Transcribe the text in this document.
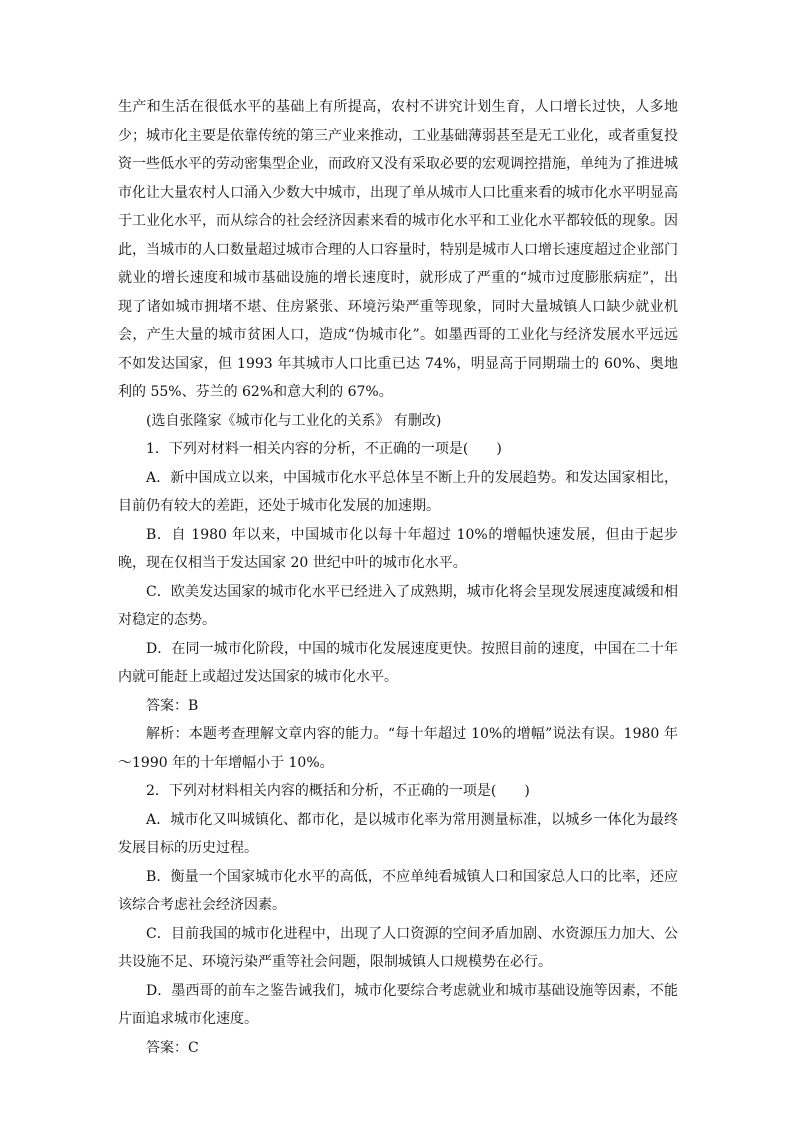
生产和生活在很低水平的基础上有所提高，农村不讲究计划生育，人口增长过快，人多地少；城市化主要是依靠传统的第三产业来推动，工业基础薄弱甚至是无工业化，或者重复投资一些低水平的劳动密集型企业，而政府又没有采取必要的宏观调控措施，单纯为了推进城市化让大量农村人口涌入少数大中城市，出现了单从城市人口比重来看的城市化水平明显高于工业化水平，而从综合的社会经济因素来看的城市化水平和工业化水平都较低的现象。因此，当城市的人口数量超过城市合理的人口容量时，特别是城市人口增长速度超过企业部门就业的增长速度和城市基础设施的增长速度时，就形成了严重的“城市过度膨胀病症”，出现了诸如城市拥堵不堪、住房紧张、环境污染严重等现象，同时大量城镇人口缺少就业机会，产生大量的城市贫困人口，造成“伪城市化”。如墨西哥的工业化与经济发展水平远远不如发达国家，但 1993 年其城市人口比重已达 74%，明显高于同期瑞士的 60%、奥地利的 55%、芬兰的 62%和意大利的 67%。

(选自张隆家《城市化与工业化的关系》 有删改)

1．下列对材料一相关内容的分析，不正确的一项是(　　)

A．新中国成立以来，中国城市化水平总体呈不断上升的发展趋势。和发达国家相比，目前仍有较大的差距，还处于城市化发展的加速期。

B．自 1980 年以来，中国城市化以每十年超过 10%的增幅快速发展，但由于起步晚，现在仅相当于发达国家 20 世纪中叶的城市化水平。

C．欧美发达国家的城市化水平已经进入了成熟期，城市化将会呈现发展速度减缓和相对稳定的态势。

D．在同一城市化阶段，中国的城市化发展速度更快。按照目前的速度，中国在二十年内就可能赶上或超过发达国家的城市化水平。

答案：B

解析：本题考查理解文章内容的能力。“每十年超过 10%的增幅”说法有误。1980 年～1990 年的十年增幅小于 10%。

2．下列对材料相关内容的概括和分析，不正确的一项是(　　)

A．城市化又叫城镇化、都市化，是以城市化率为常用测量标准，以城乡一体化为最终发展目标的历史过程。

B．衡量一个国家城市化水平的高低，不应单纯看城镇人口和国家总人口的比率，还应该综合考虑社会经济因素。

C．目前我国的城市化进程中，出现了人口资源的空间矛盾加剧、水资源压力加大、公共设施不足、环境污染严重等社会问题，限制城镇人口规模势在必行。

D．墨西哥的前车之鉴告诫我们，城市化要综合考虑就业和城市基础设施等因素，不能片面追求城市化速度。

答案：C
